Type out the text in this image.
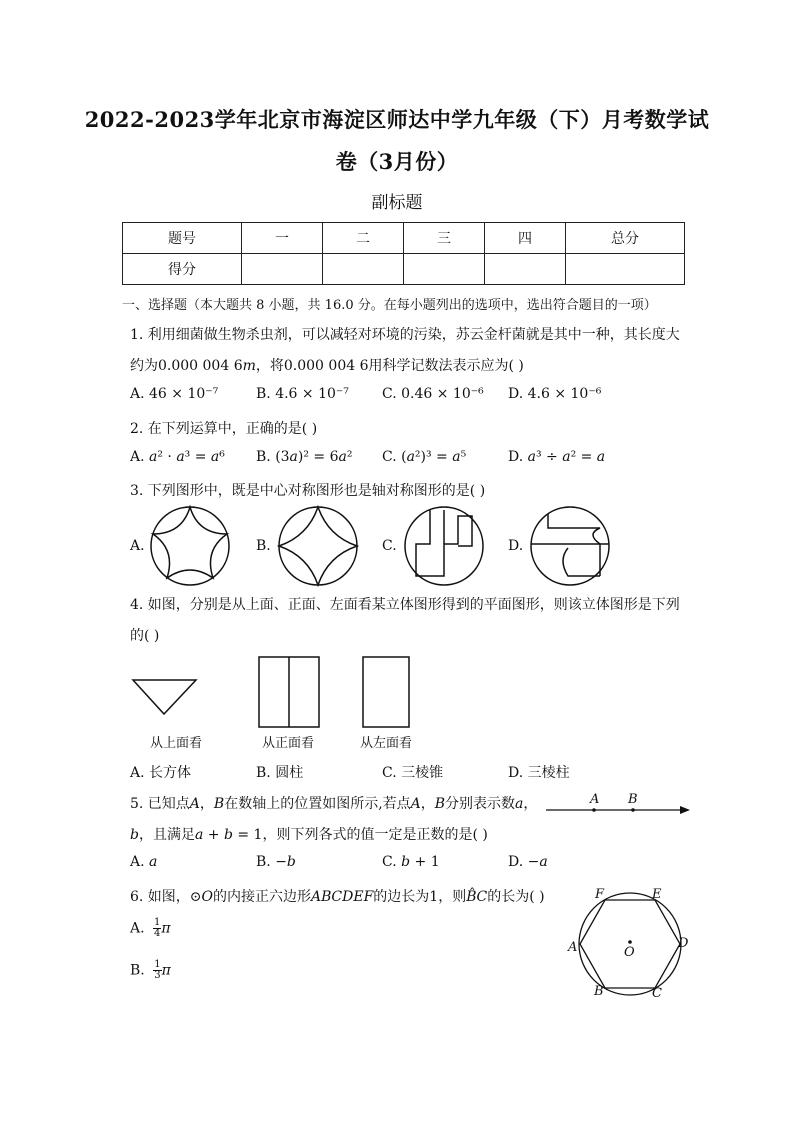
2022-2023学年北京市海淀区师达中学九年级（下）月考数学试
卷（3月份）
副标题
题号	一	二	三	四	总分
得分					
一、选择题（本大题共 8 小题，共 16.0 分。在每小题列出的选项中，选出符合题目的一项）
1. 利用细菌做生物杀虫剂，可以减轻对环境的污染，苏云金杆菌就是其中一种，其长度大
约为0.000 004 6𝑚，将0.000 004 6用科学记数法表示应为( )
A. 46 × 10⁻⁷	B. 4.6 × 10⁻⁷ C. 0.46 × 10⁻⁶ D. 4.6 × 10⁻⁶
2. 在下列运算中，正确的是( )
A. 𝑎² · 𝑎³ = 𝑎⁶ B. (3𝑎)² = 6𝑎² C. (𝑎²)³ = 𝑎⁵	D. 𝑎³ ÷ 𝑎² = 𝑎
3. 下列图形中，既是中心对称图形也是轴对称图形的是( )
A.	B.	C.	D.
4. 如图，分别是从上面、正面、左面看某立体图形得到的平面图形，则该立体图形是下列
的( )
从上面看	从正面看	从左面看
A. 长方体	B. 圆柱	C. 三棱锥	D. 三棱柱
5. 已知点𝐴，𝐵在数轴上的位置如图所示,若点𝐴，𝐵分别表示数𝑎，
𝑏，且满足𝑎 + 𝑏 = 1，则下列各式的值一定是正数的是( )
A B
A. 𝑎	B. −𝑏	C. 𝑏 + 1	D. −𝑎
6. 如图，⊙𝑂的内接正六边形𝐴𝐵𝐶𝐷𝐸𝐹的边长为1，则𝐵̂𝐶的长为( )
A. $\frac{1}{4}$ 𝜋
B. $\frac{1}{3}$ 𝜋
F	E
A	D
B	C
O
